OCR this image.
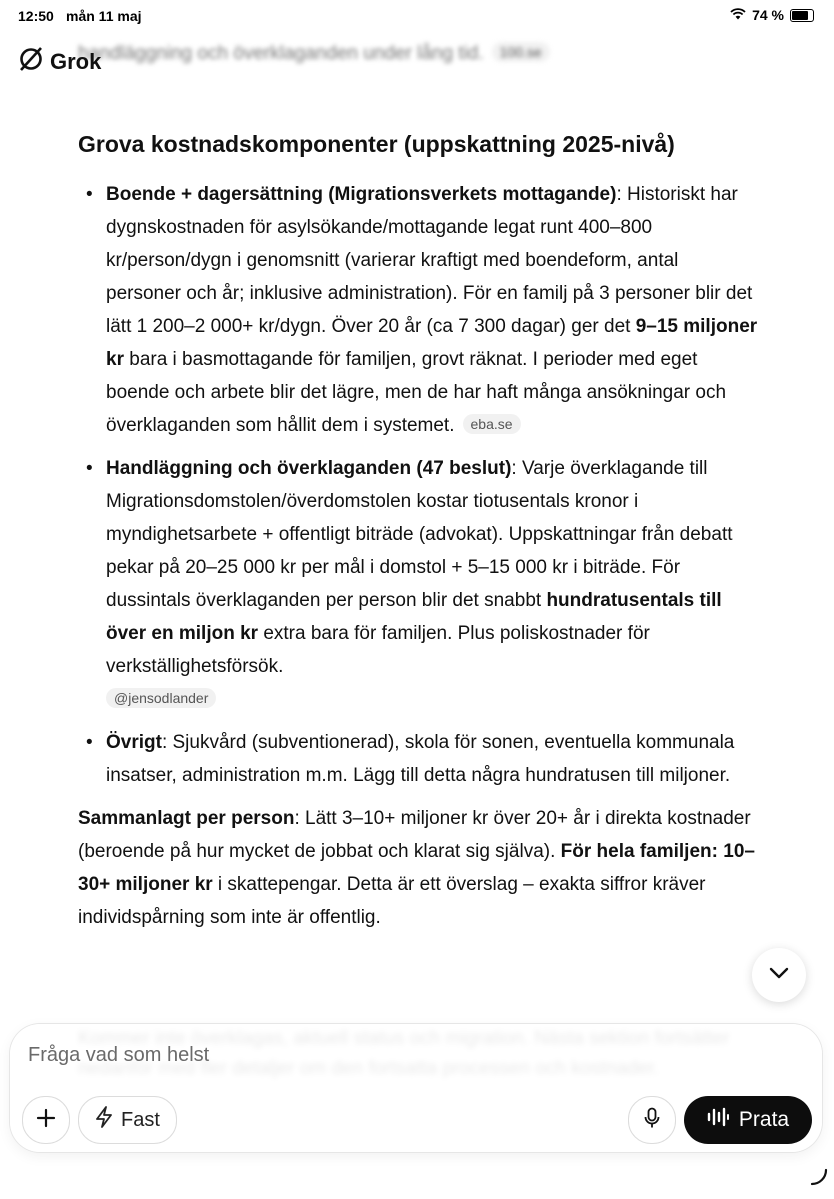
12:50 mån 11 maj	74 %
handläggning och överklaganden under lång tid. 100.se
Grok
Grova kostnadskomponenter (uppskattning 2025-nivå)
• Boende + dagersättning (Migrationsverkets mottagande): Historiskt har dygnskostnaden för asylsökande/mottagande legat runt 400–800 kr/person/dygn i genomsnitt (varierar kraftigt med boendeform, antal personer och år; inklusive administration). För en familj på 3 personer blir det lätt 1 200–2 000+ kr/dygn. Över 20 år (ca 7 300 dagar) ger det 9–15 miljoner kr bara i basmottagande för familjen, grovt räknat. I perioder med eget boende och arbete blir det lägre, men de har haft många ansökningar och överklaganden som hållit dem i systemet. eba.se
• Handläggning och överklaganden (47 beslut): Varje överklagande till Migrationsdomstolen/överdomstolen kostar tiotusentals kronor i myndighetsarbete + offentligt biträde (advokat). Uppskattningar från debatt pekar på 20–25 000 kr per mål i domstol + 5–15 000 kr i biträde. För dussintals överklaganden per person blir det snabbt hundratusentals till över en miljon kr extra bara för familjen. Plus poliskostnader för verkställighetsförsök.
@jensodlander
• Övrigt: Sjukvård (subventionerad), skola för sonen, eventuella kommunala insatser, administration m.m. Lägg till detta några hundratusen till miljoner.

Sammanlagt per person: Lätt 3–10+ miljoner kr över 20+ år i direkta kostnader (beroende på hur mycket de jobbat och klarat sig själva). För hela familjen: 10–30+ miljoner kr i skattepengar. Detta är ett överslag – exakta siffror kräver individspårning som inte är offentlig.

Fråga vad som helst
Fast	Prata
